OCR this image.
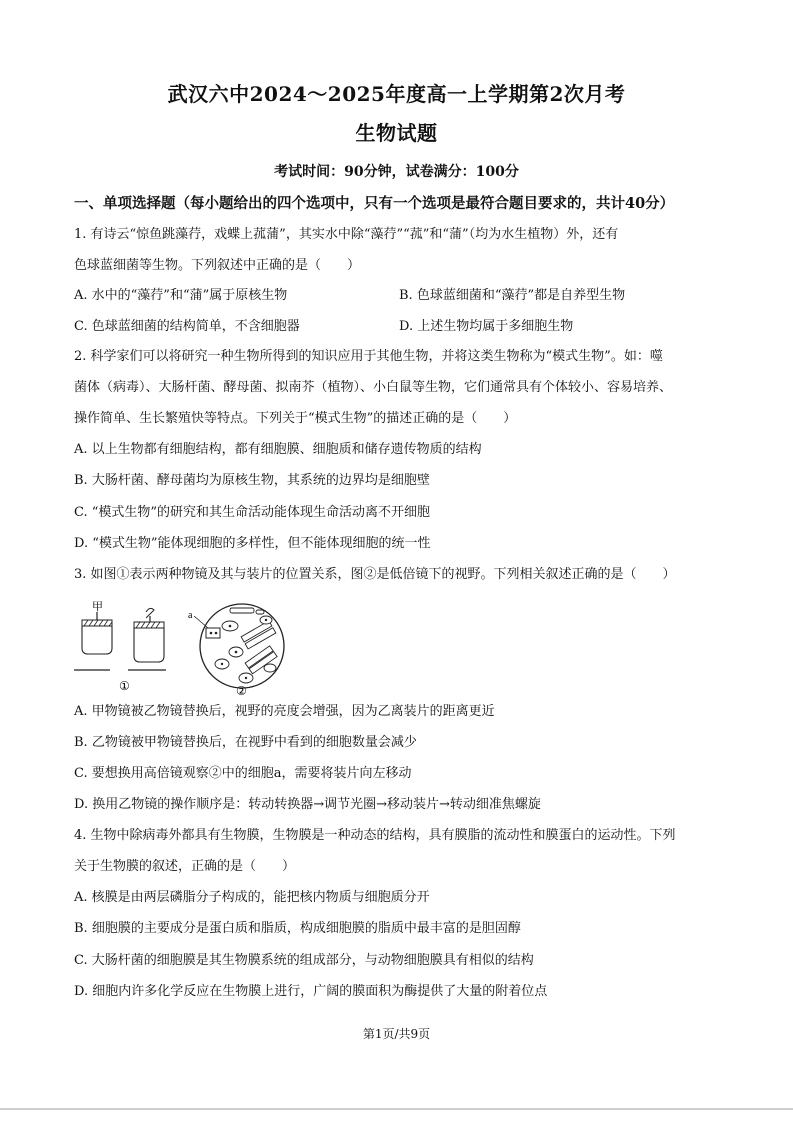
武汉六中2024～2025年度高一上学期第2次月考
生物试题
考试时间：90分钟，试卷满分：100分
一、单项选择题（每小题给出的四个选项中，只有一个选项是最符合题目要求的，共计40分）
1. 有诗云“惊鱼跳藻荇，戏蝶上菰蒲”，其实水中除“藻荇”“菰”和“蒲”（均为水生植物）外，还有
色球蓝细菌等生物。下列叙述中正确的是（　　）
A. 水中的“藻荇”和“蒲”属于原核生物	B. 色球蓝细菌和“藻荇”都是自养型生物
C. 色球蓝细菌的结构简单，不含细胞器	D. 上述生物均属于多细胞生物
2. 科学家们可以将研究一种生物所得到的知识应用于其他生物，并将这类生物称为“模式生物”。如：噬
菌体（病毒）、大肠杆菌、酵母菌、拟南芥（植物）、小白鼠等生物，它们通常具有个体较小、容易培养、
操作简单、生长繁殖快等特点。下列关于“模式生物”的描述正确的是（　　）
A. 以上生物都有细胞结构，都有细胞膜、细胞质和储存遗传物质的结构
B. 大肠杆菌、酵母菌均为原核生物，其系统的边界均是细胞壁
C. “模式生物”的研究和其生命活动能体现生命活动离不开细胞
D. “模式生物”能体现细胞的多样性，但不能体现细胞的统一性
3. 如图①表示两种物镜及其与装片的位置关系，图②是低倍镜下的视野。下列相关叙述正确的是（　　）
甲
①
a
②
A. 甲物镜被乙物镜替换后，视野的亮度会增强，因为乙离装片的距离更近
B. 乙物镜被甲物镜替换后，在视野中看到的细胞数量会减少
C. 要想换用高倍镜观察②中的细胞a，需要将装片向左移动
D. 换用乙物镜的操作顺序是：转动转换器→调节光圈→移动装片→转动细准焦螺旋
4. 生物中除病毒外都具有生物膜，生物膜是一种动态的结构，具有膜脂的流动性和膜蛋白的运动性。下列
关于生物膜的叙述，正确的是（　　）
A. 核膜是由两层磷脂分子构成的，能把核内物质与细胞质分开
B. 细胞膜的主要成分是蛋白质和脂质，构成细胞膜的脂质中最丰富的是胆固醇
C. 大肠杆菌的细胞膜是其生物膜系统的组成部分，与动物细胞膜具有相似的结构
D. 细胞内许多化学反应在生物膜上进行，广阔的膜面积为酶提供了大量的附着位点
第1页/共9页
